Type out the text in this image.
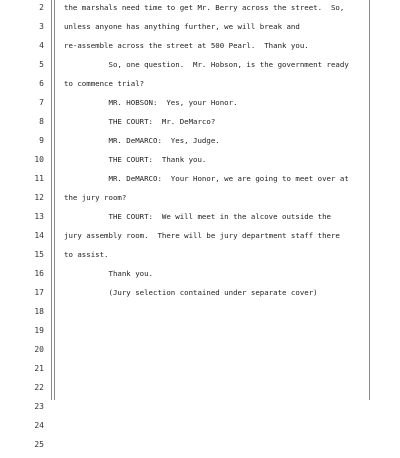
2	the marshals need time to get Mr. Berry across the street.  So,
3	unless anyone has anything further, we will break and
4	re-assemble across the street at 500 Pearl.  Thank you.
5	So, one question.  Mr. Hobson, is the government ready
6	to commence trial?
7	MR. HOBSON:  Yes, your Honor.
8	THE COURT:  Mr. DeMarco?
9	MR. DeMARCO:  Yes, Judge.
10	THE COURT:  Thank you.
11	MR. DeMARCO:  Your Honor, we are going to meet over at
12	the jury room?
13	THE COURT:  We will meet in the alcove outside the
14	jury assembly room.  There will be jury department staff there
15	to assist.
16	Thank you.
17	(Jury selection contained under separate cover)
18
19
20
21
22
23
24
25
